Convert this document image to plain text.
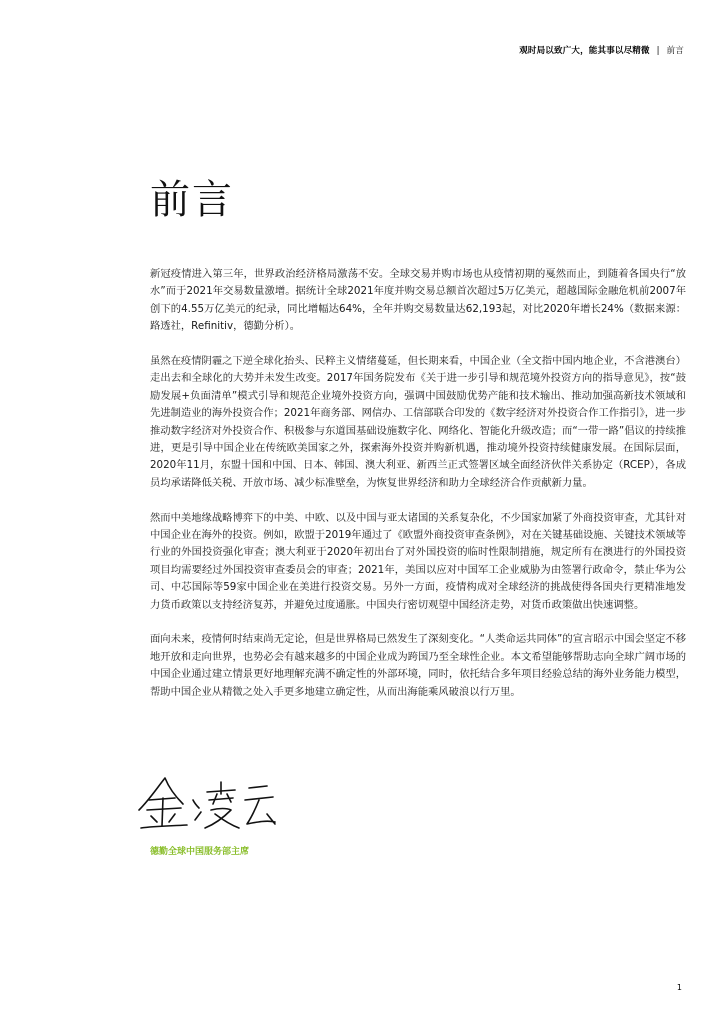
观时局以致广大，能其事以尽精微 | 前言
前言

新冠疫情进入第三年，世界政治经济格局激荡不安。全球交易并购市场也从疫情初期的戛然而止，到随着各国央行“放水”而于2021年交易数量激增。据统计全球2021年度并购交易总额首次超过5万亿美元，超越国际金融危机前2007年创下的4.55万亿美元的纪录，同比增幅达64%，全年并购交易数量达62,193起，对比2020年增长24%（数据来源：路透社，Refinitiv，德勤分析）。

虽然在疫情阴霾之下逆全球化抬头、民粹主义情绪蔓延，但长期来看，中国企业（全文指中国内地企业，不含港澳台）走出去和全球化的大势并未发生改变。2017年国务院发布《关于进一步引导和规范境外投资方向的指导意见》，按“鼓励发展+负面清单”模式引导和规范企业境外投资方向，强调中国鼓励优势产能和技术输出、推动加强高新技术领域和先进制造业的海外投资合作；2021年商务部、网信办、工信部联合印发的《数字经济对外投资合作工作指引》，进一步推动数字经济对外投资合作、积极参与东道国基础设施数字化、网络化、智能化升级改造；而“一带一路”倡议的持续推进，更是引导中国企业在传统欧美国家之外，探索海外投资并购新机遇，推动境外投资持续健康发展。在国际层面，2020年11月，东盟十国和中国、日本、韩国、澳大利亚、新西兰正式签署区域全面经济伙伴关系协定（RCEP），各成员均承诺降低关税、开放市场、减少标准壁垒，为恢复世界经济和助力全球经济合作贡献新力量。

然而中美地缘战略博弈下的中美、中欧、以及中国与亚太诸国的关系复杂化，不少国家加紧了外商投资审查，尤其针对中国企业在海外的投资。例如，欧盟于2019年通过了《欧盟外商投资审查条例》，对在关键基础设施、关键技术领域等行业的外国投资强化审查；澳大利亚于2020年初出台了对外国投资的临时性限制措施，规定所有在澳进行的外国投资项目均需要经过外国投资审查委员会的审查；2021年，美国以应对中国军工企业威胁为由签署行政命令，禁止华为公司、中芯国际等59家中国企业在美进行投资交易。另外一方面，疫情构成对全球经济的挑战使得各国央行更精准地发力货币政策以支持经济复苏，并避免过度通胀。中国央行密切观望中国经济走势，对货币政策做出快速调整。

面向未来，疫情何时结束尚无定论，但是世界格局已然发生了深刻变化。“人类命运共同体”的宣言昭示中国会坚定不移地开放和走向世界，也势必会有越来越多的中国企业成为跨国乃至全球性企业。本文希望能够帮助志向全球广阔市场的中国企业通过建立情景更好地理解充满不确定性的外部环境，同时，依托结合多年项目经验总结的海外业务能力模型，帮助中国企业从精微之处入手更多地建立确定性，从而出海能乘风破浪以行万里。

德勤全球中国服务部主席
1
